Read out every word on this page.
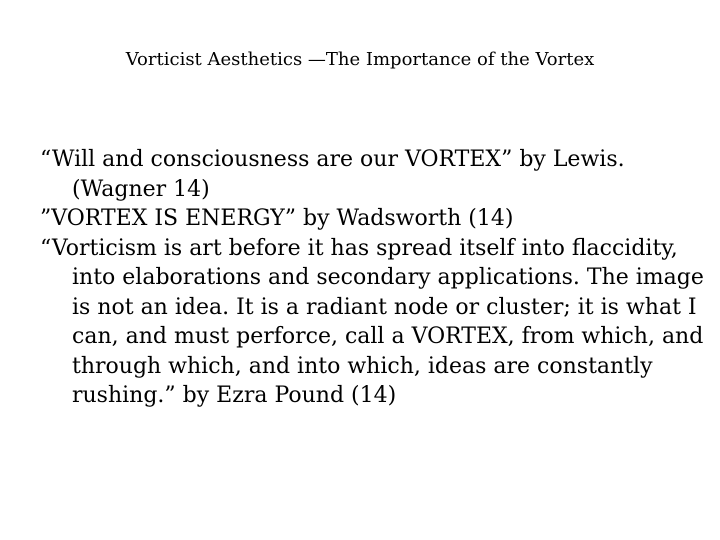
Vorticist Aesthetics —The Importance of the Vortex

“Will and consciousness are our VORTEX” by Lewis. (Wagner 14)

”VORTEX IS ENERGY” by Wadsworth (14)

“Vorticism is art before it has spread itself into flaccidity, into elaborations and secondary applications. The image is not an idea. It is a radiant node or cluster; it is what I can, and must perforce, call a VORTEX, from which, and through which, and into which, ideas are constantly rushing.” by Ezra Pound (14)
